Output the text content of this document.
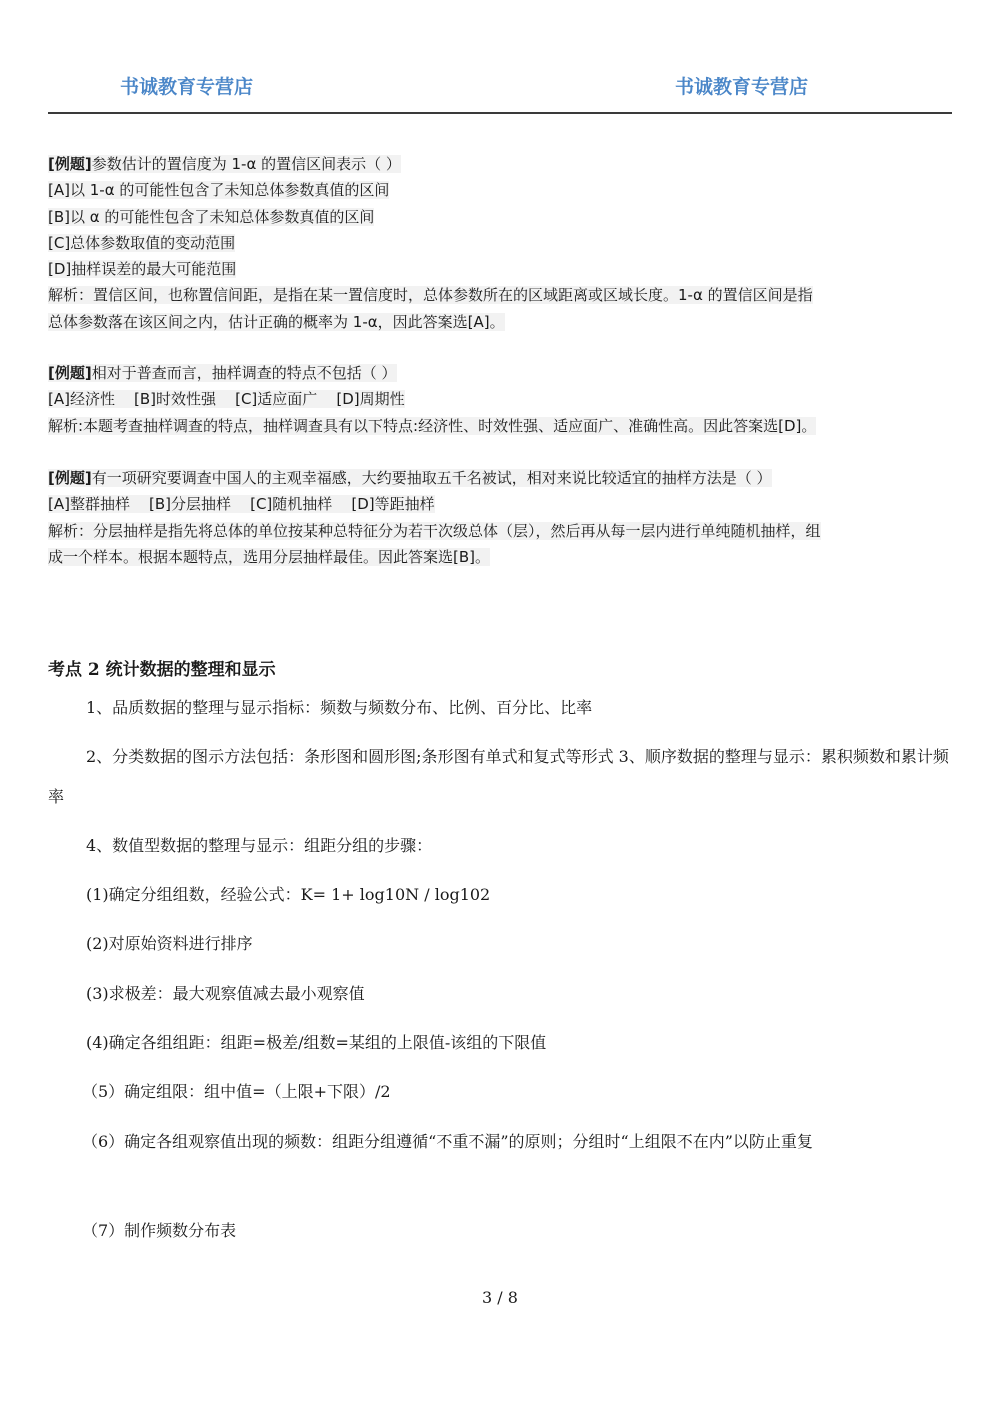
书诚教育专营店	书诚教育专营店
[例题]参数估计的置信度为 1-α 的置信区间表示（ ）
[A]以 1-α 的可能性包含了未知总体参数真值的区间
[B]以 α 的可能性包含了未知总体参数真值的区间
[C]总体参数取值的变动范围
[D]抽样误差的最大可能范围
解析：置信区间，也称置信间距，是指在某一置信度时，总体参数所在的区域距离或区域长度。1-α 的置信区间是指
总体参数落在该区间之内，估计正确的概率为 1-α，因此答案选[A]。
[例题]相对于普查而言，抽样调查的特点不包括（ ）
[A]经济性    [B]时效性强    [C]适应面广    [D]周期性
解析:本题考查抽样调查的特点，抽样调查具有以下特点:经济性、时效性强、适应面广、准确性高。因此答案选[D]。
[例题]有一项研究要调查中国人的主观幸福感，大约要抽取五千名被试，相对来说比较适宜的抽样方法是（ ）
[A]整群抽样    [B]分层抽样    [C]随机抽样    [D]等距抽样
解析：分层抽样是指先将总体的单位按某种总特征分为若干次级总体（层），然后再从每一层内进行单纯随机抽样，组
成一个样本。根据本题特点，选用分层抽样最佳。因此答案选[B]。
考点 2 统计数据的整理和显示
1、品质数据的整理与显示指标：频数与频数分布、比例、百分比、比率
2、分类数据的图示方法包括：条形图和圆形图;条形图有单式和复式等形式 3、顺序数据的整理与显示：累积频数和累计频率
4、数值型数据的整理与显示：组距分组的步骤：
(1)确定分组组数，经验公式：K= 1+ log10N / log102
(2)对原始资料进行排序
(3)求极差：最大观察值减去最小观察值
(4)确定各组组距：组距=极差/组数=某组的上限值-该组的下限值
（5）确定组限：组中值=（上限+下限）/2
（6）确定各组观察值出现的频数：组距分组遵循“不重不漏”的原则；分组时“上组限不在内”以防止重复
（7）制作频数分布表
3 / 8
